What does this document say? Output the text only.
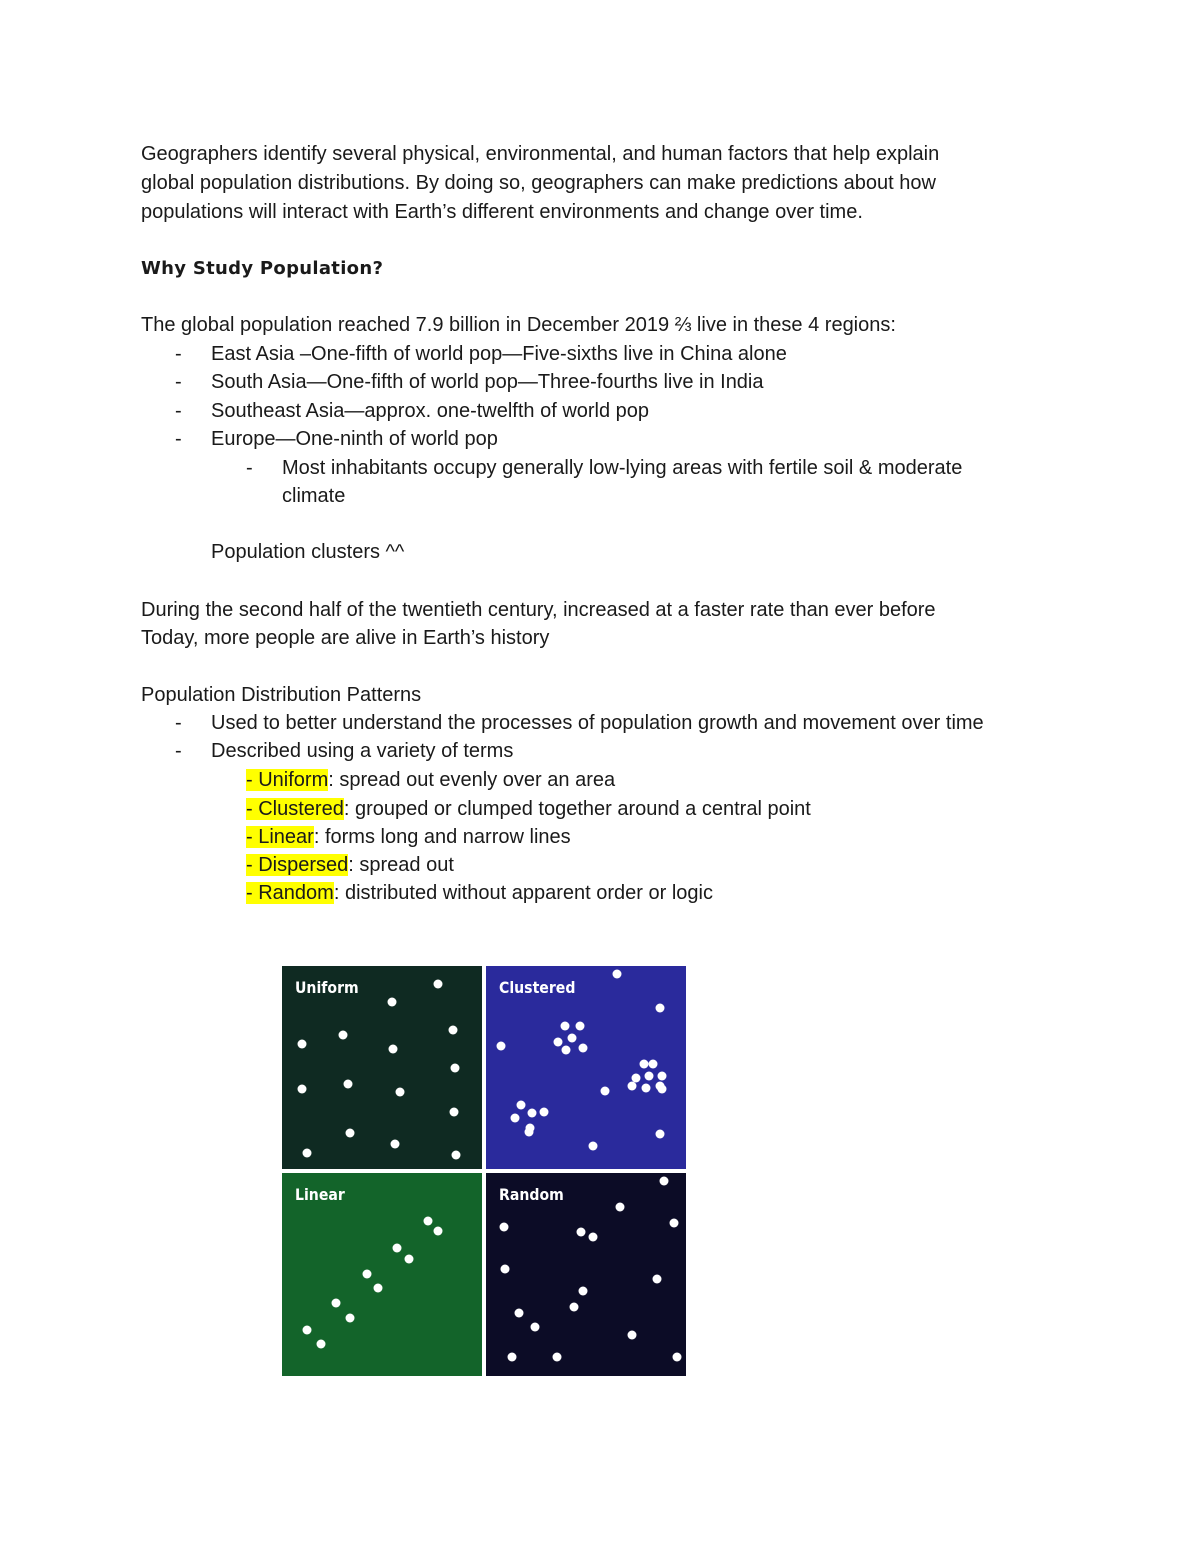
Geographers identify several physical, environmental, and human factors that help explain
global population distributions. By doing so, geographers can make predictions about how
populations will interact with Earth’s different environments and change over time.
Why Study Population?
The global population reached 7.9 billion in December 2019 ⅔ live in these 4 regions:
- East Asia –One-fifth of world pop—Five-sixths live in China alone
- South Asia—One-fifth of world pop—Three-fourths live in India
- Southeast Asia—approx. one-twelfth of world pop
- Europe—One-ninth of world pop
- Most inhabitants occupy generally low-lying areas with fertile soil & moderate
climate
Population clusters ^^
During the second half of the twentieth century, increased at a faster rate than ever before
Today, more people are alive in Earth’s history
Population Distribution Patterns
- Used to better understand the processes of population growth and movement over time
- Described using a variety of terms
- Uniform: spread out evenly over an area
- Clustered: grouped or clumped together around a central point
- Linear: forms long and narrow lines
- Dispersed: spread out
- Random: distributed without apparent order or logic
Uniform	Clustered
Linear	Random
